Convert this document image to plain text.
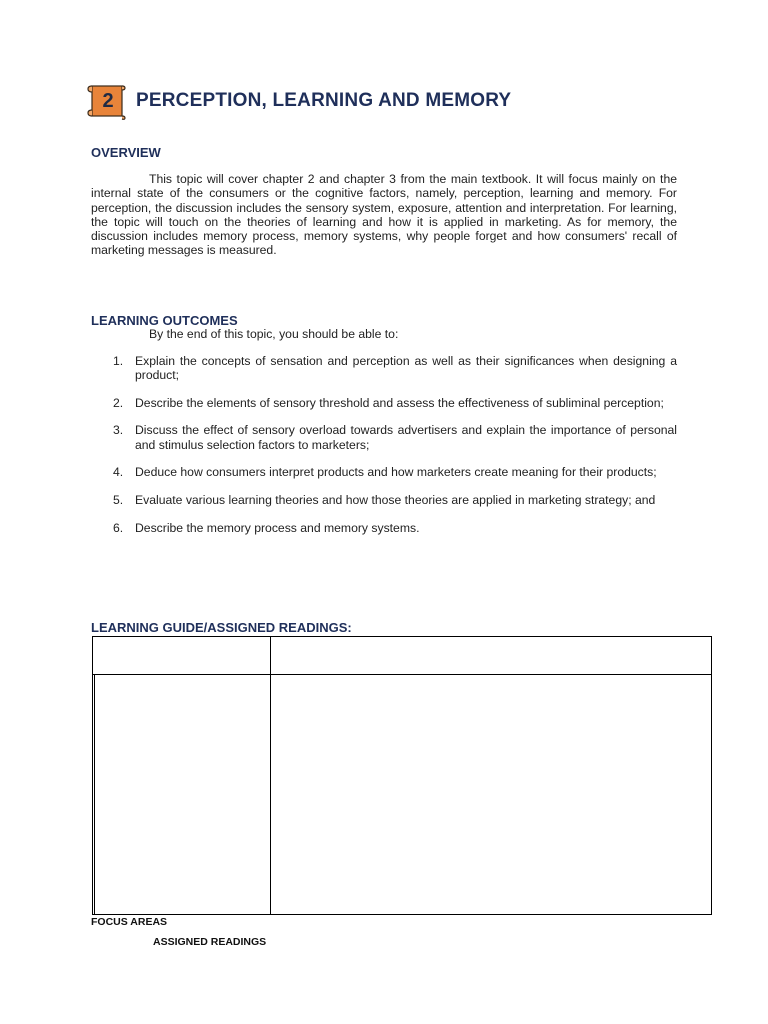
2	PERCEPTION, LEARNING AND MEMORY
OVERVIEW
This topic will cover chapter 2 and chapter 3 from the main textbook. It will focus mainly on the internal state of the consumers or the cognitive factors, namely, perception, learning and memory. For perception, the discussion includes the sensory system, exposure, attention and interpretation. For learning, the topic will touch on the theories of learning and how it is applied in marketing. As for memory, the discussion includes memory process, memory systems, why people forget and how consumers' recall of marketing messages is measured.
LEARNING OUTCOMES
By the end of this topic, you should be able to:
1. Explain the concepts of sensation and perception as well as their significances when designing a product;
2. Describe the elements of sensory threshold and assess the effectiveness of subliminal perception;
3. Discuss the effect of sensory overload towards advertisers and explain the importance of personal and stimulus selection factors to marketers;
4. Deduce how consumers interpret products and how marketers create meaning for their products;
5. Evaluate various learning theories and how those theories are applied in marketing strategy; and
6. Describe the memory process and memory systems.
LEARNING GUIDE/ASSIGNED READINGS:
FOCUS AREAS
ASSIGNED READINGS
